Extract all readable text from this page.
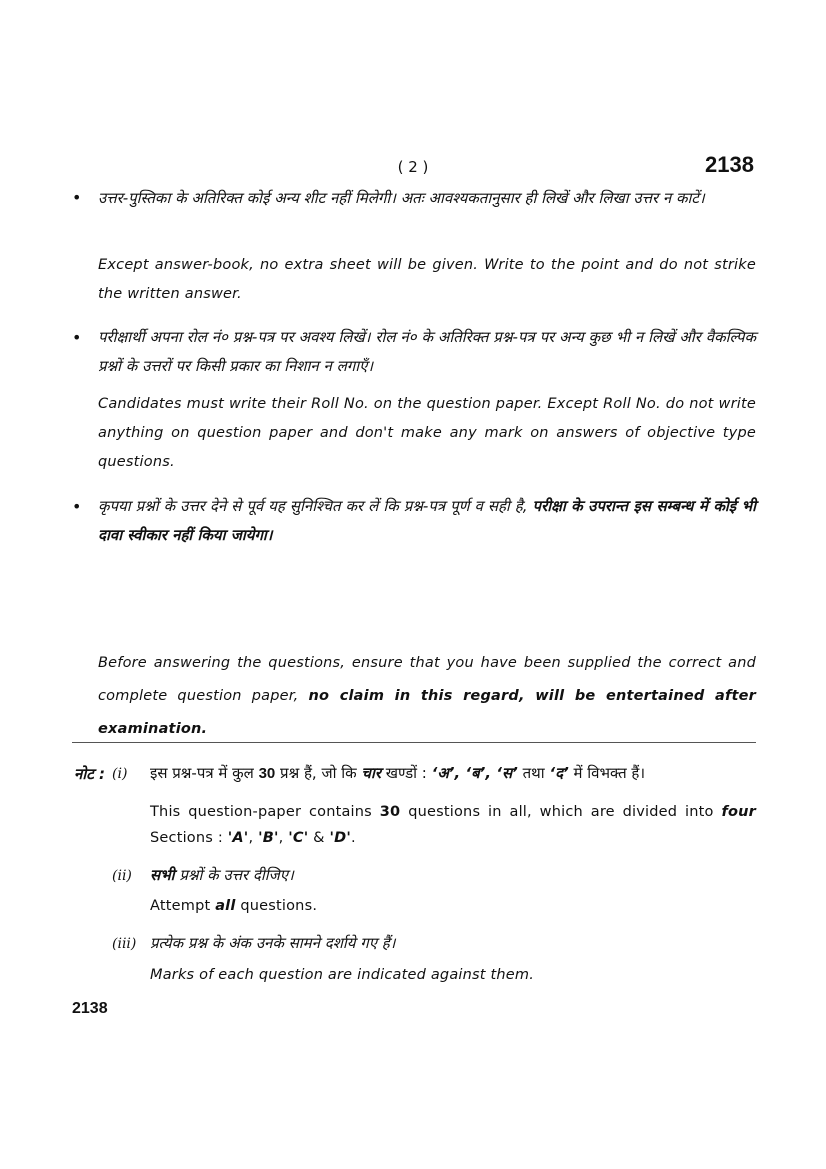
( 2 )	2138
• उत्तर-पुस्तिका के अतिरिक्त कोई अन्य शीट नहीं मिलेगी। अतः आवश्यकतानुसार ही लिखें और लिखा उत्तर न काटें।
Except answer-book, no extra sheet will be given. Write to the point and do not strike the written answer.
• परीक्षार्थी अपना रोल नं० प्रश्न-पत्र पर अवश्य लिखें। रोल नं० के अतिरिक्त प्रश्न-पत्र पर अन्य कुछ भी न लिखें और वैकल्पिक प्रश्नों के उत्तरों पर किसी प्रकार का निशान न लगाएँ।
Candidates must write their Roll No. on the question paper. Except Roll No. do not write anything on question paper and don't make any mark on answers of objective type questions.
• कृपया प्रश्नों के उत्तर देने से पूर्व यह सुनिश्चित कर लें कि प्रश्न-पत्र पूर्ण व सही है, परीक्षा के उपरान्त इस सम्बन्ध में कोई भी दावा स्वीकार नहीं किया जायेगा।
Before answering the questions, ensure that you have been supplied the correct and complete question paper, no claim in this regard, will be entertained after examination.
नोट : (i) इस प्रश्न-पत्र में कुल 30 प्रश्न हैं, जो कि चार खण्डों : ‘अ’, ‘ब’, ‘स’ तथा ‘द’ में विभक्त हैं।
This question-paper contains 30 questions in all, which are divided into four Sections : 'A', 'B', 'C' & 'D'.
(ii) सभी प्रश्नों के उत्तर दीजिए।
Attempt all questions.
(iii) प्रत्येक प्रश्न के अंक उनके सामने दर्शाये गए हैं।
Marks of each question are indicated against them.
2138
